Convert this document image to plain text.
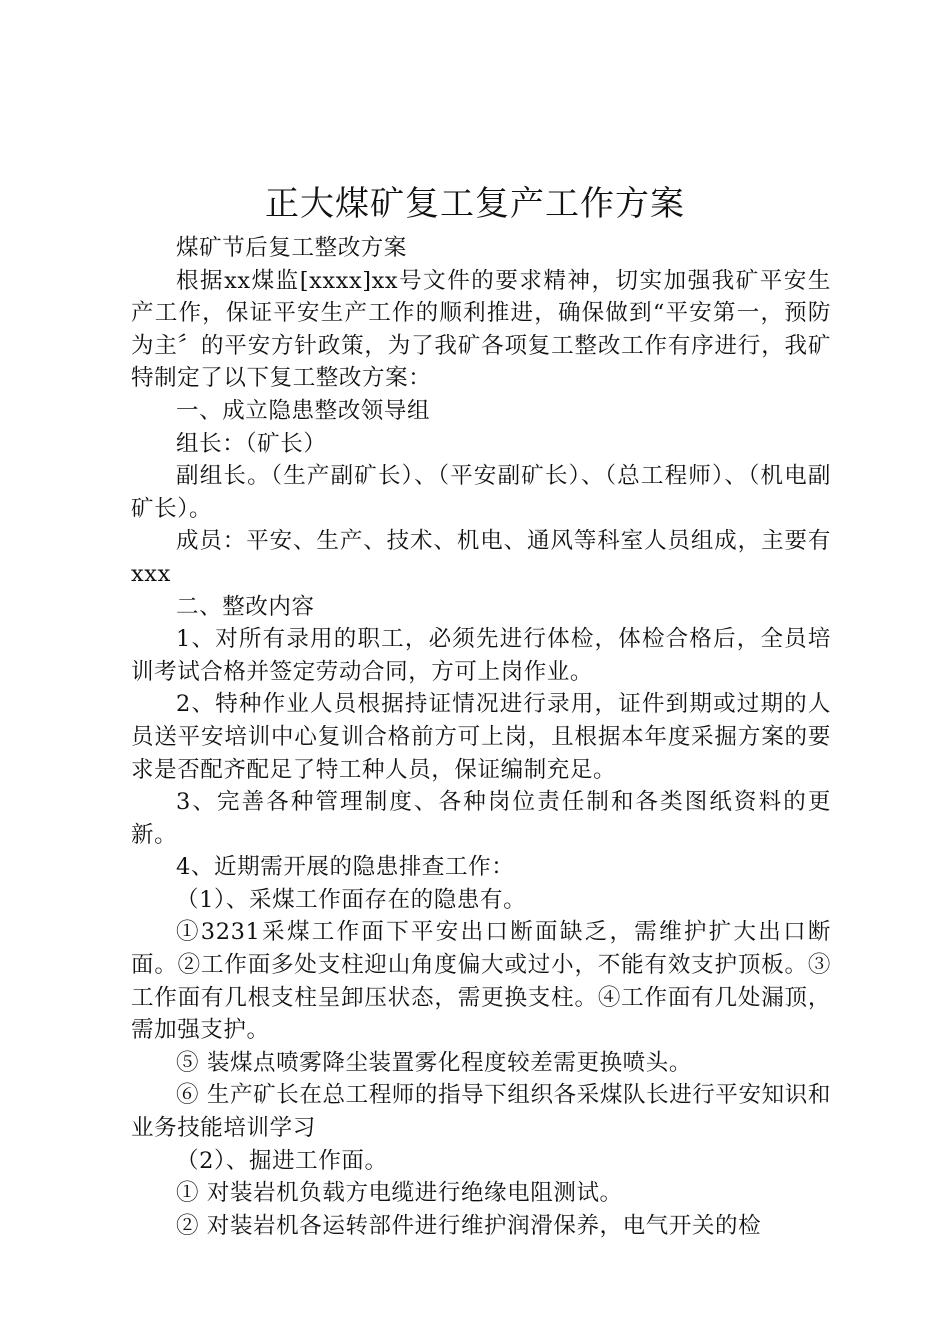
正大煤矿复工复产工作方案

煤矿节后复工整改方案

根据xx煤监[xxxx]xx号文件的要求精神，切实加强我矿平安生产工作，保证平安生产工作的顺利推进，确保做到“平安第一，预防为主〞的平安方针政策，为了我矿各项复工整改工作有序进行，我矿特制定了以下复工整改方案：

一、成立隐患整改领导组

组长：（矿长）

副组长。（生产副矿长）、（平安副矿长）、（总工程师）、（机电副矿长）。

成员：平安、生产、技术、机电、通风等科室人员组成，主要有xxx

二、整改内容

1、对所有录用的职工，必须先进行体检，体检合格后，全员培训考试合格并签定劳动合同，方可上岗作业。

2、特种作业人员根据持证情况进行录用，证件到期或过期的人员送平安培训中心复训合格前方可上岗，且根据本年度采掘方案的要求是否配齐配足了特工种人员，保证编制充足。

3、完善各种管理制度、各种岗位责任制和各类图纸资料的更新。

4、近期需开展的隐患排查工作：

（1）、采煤工作面存在的隐患有。

①3231采煤工作面下平安出口断面缺乏，需维护扩大出口断面。②工作面多处支柱迎山角度偏大或过小，不能有效支护顶板。③工作面有几根支柱呈卸压状态，需更换支柱。④工作面有几处漏顶，需加强支护。

⑤ 装煤点喷雾降尘装置雾化程度较差需更换喷头。

⑥ 生产矿长在总工程师的指导下组织各采煤队长进行平安知识和业务技能培训学习

（2）、掘进工作面。

① 对装岩机负载方电缆进行绝缘电阻测试。

② 对装岩机各运转部件进行维护润滑保养，电气开关的检
